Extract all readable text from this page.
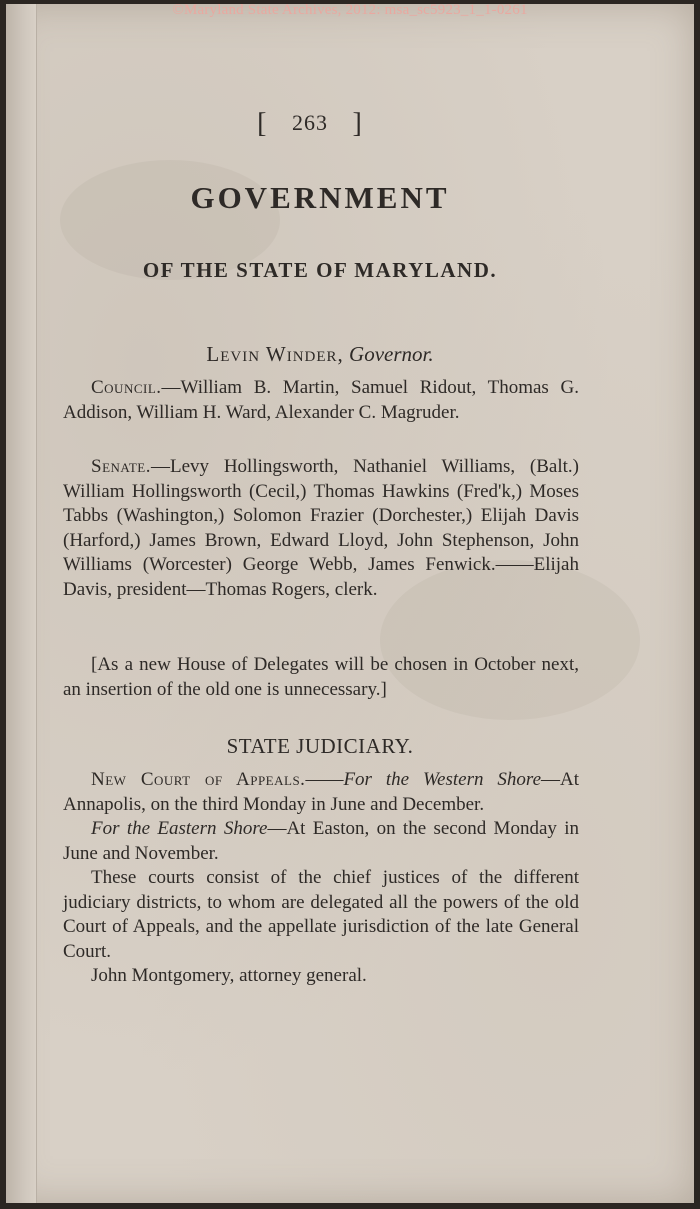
©Maryland State Archives, 2012: msa_sc5923_1_1-0261
[ 263 ]
GOVERNMENT
OF THE STATE OF MARYLAND.
Levin Winder, Governor.

Council.—William B. Martin, Samuel Ridout, Thomas G. Addison, William H. Ward, Alexander C. Magruder.

Senate.—Levy Hollingsworth, Nathaniel Williams, (Balt.) William Hollingsworth (Cecil,) Thomas Hawkins (Fred'k,) Moses Tabbs (Washington,) Solomon Frazier (Dorchester,) Elijah Davis (Harford,) James Brown, Edward Lloyd, John Stephenson, John Williams (Worcester) George Webb, James Fenwick.——Elijah Davis, president—Thomas Rogers, clerk.

[As a new House of Delegates will be chosen in October next, an insertion of the old one is unnecessary.]

STATE JUDICIARY.

New Court of Appeals.——For the Western Shore—At Annapolis, on the third Monday in June and December.

For the Eastern Shore—At Easton, on the second Monday in June and November.

These courts consist of the chief justices of the different judiciary districts, to whom are delegated all the powers of the old Court of Appeals, and the appellate jurisdiction of the late General Court.

John Montgomery, attorney general.
